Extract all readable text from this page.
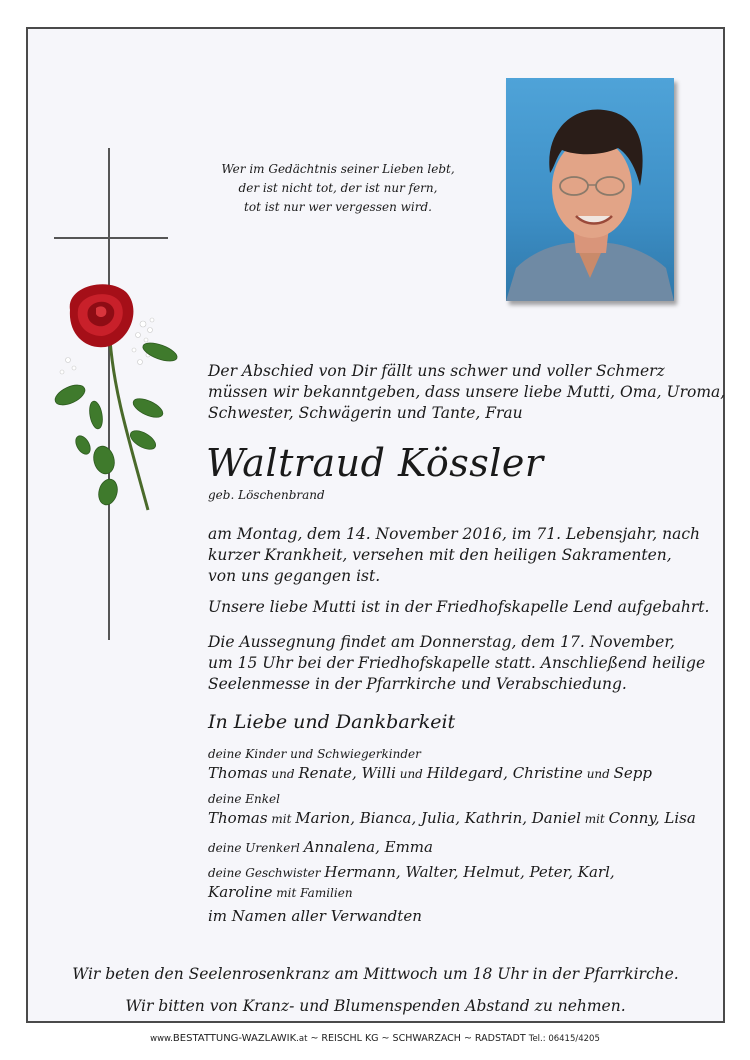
Wer im Gedächtnis seiner Lieben lebt,
der ist nicht tot, der ist nur fern,
tot ist nur wer vergessen wird.
Der Abschied von Dir fällt uns schwer und voller Schmerz
müssen wir bekanntgeben, dass unsere liebe Mutti, Oma, Uroma,
Schwester, Schwägerin und Tante, Frau
Waltraud Kössler
geb. Löschenbrand
am Montag, dem 14. November 2016, im 71. Lebensjahr, nach
kurzer Krankheit, versehen mit den heiligen Sakramenten,
von uns gegangen ist.
Unsere liebe Mutti ist in der Friedhofskapelle Lend aufgebahrt.
Die Aussegnung findet am Donnerstag, dem 17. November,
um 15 Uhr bei der Friedhofskapelle statt. Anschließend heilige
Seelenmesse in der Pfarrkirche und Verabschiedung.
In Liebe und Dankbarkeit
deine Kinder und Schwiegerkinder
Thomas und Renate, Willi und Hildegard, Christine und Sepp
deine Enkel
Thomas mit Marion, Bianca, Julia, Kathrin, Daniel mit Conny, Lisa
deine Urenkerl Annalena, Emma
deine Geschwister Hermann, Walter, Helmut, Peter, Karl,
Karoline mit Familien
im Namen aller Verwandten
Wir beten den Seelenrosenkranz am Mittwoch um 18 Uhr in der Pfarrkirche.
Wir bitten von Kranz- und Blumenspenden Abstand zu nehmen.
www.BESTATTUNG-WAZLAWIK.at ~ REISCHL KG ~ SCHWARZACH ~ RADSTADT Tel.: 06415/4205
